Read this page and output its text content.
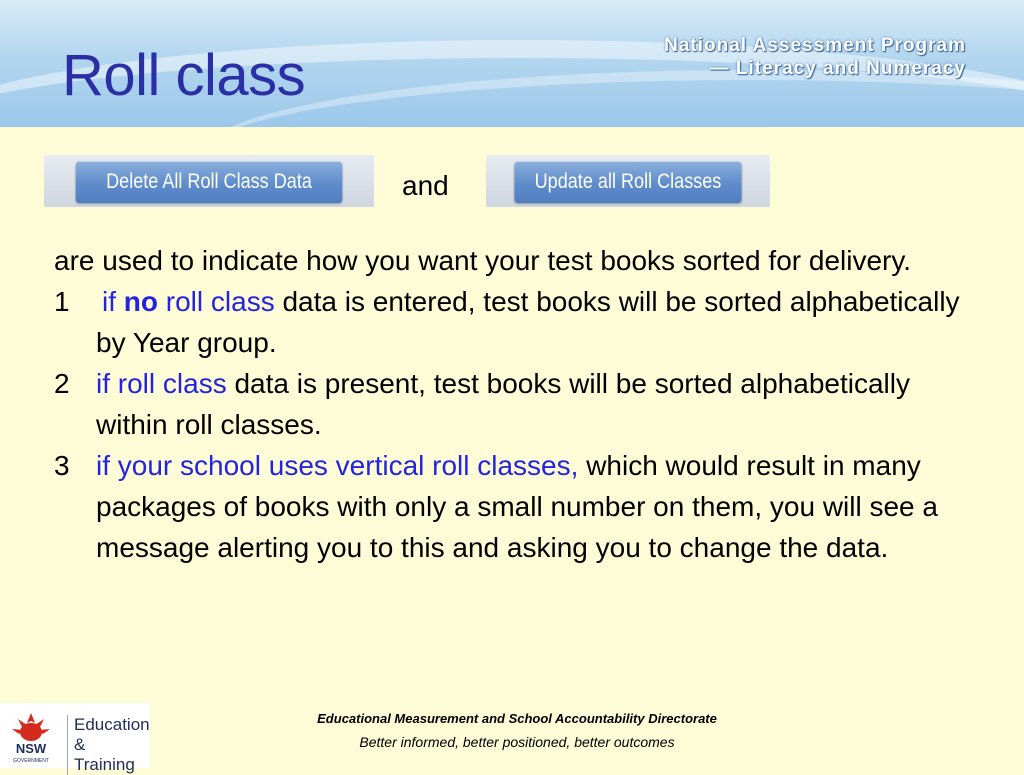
Roll class	National Assessment Program
— Literacy and Numeracy
Delete All Roll Class Data	and	Update all Roll Classes

are used to indicate how you want your test books sorted for delivery.

1 if no roll class data is entered, test books will be sorted alphabetically by Year group.

2 if roll class data is present, test books will be sorted alphabetically within roll classes.

3 if your school uses vertical roll classes, which would result in many packages of books with only a small number on them, you will see a message alerting you to this and asking you to change the data.

NSW
GOVERNMENT
Education
& Training
Educational Measurement and School Accountability Directorate
Better informed, better positioned, better outcomes
